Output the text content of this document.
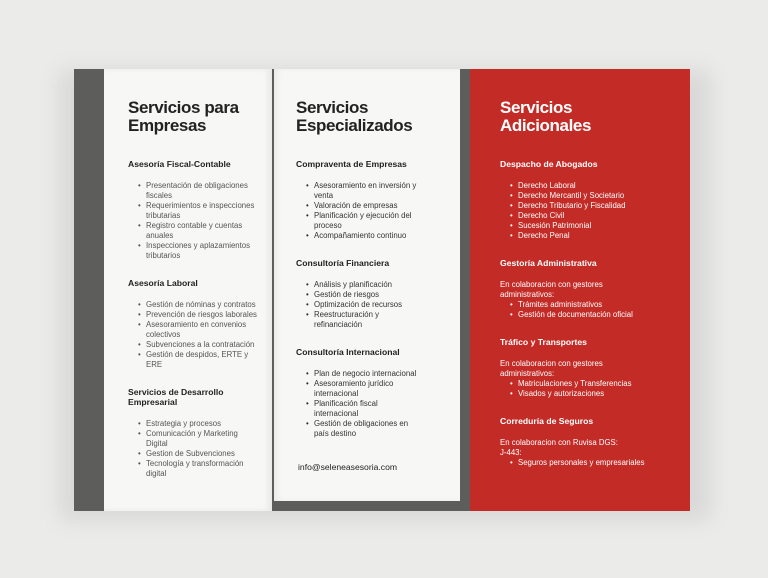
Servicios para Empresas
Asesoría Fiscal-Contable
• Presentación de obligaciones fiscales
• Requerimientos e inspecciones tributarias
• Registro contable y cuentas anuales
• Inspecciones y aplazamientos tributarios
Asesoría Laboral
• Gestión de nóminas y contratos
• Prevención de riesgos laborales
• Asesoramiento en convenios colectivos
• Subvenciones a la contratación
• Gestión de despidos, ERTE y ERE
Servicios de Desarrollo Empresarial
• Estrategia y procesos
• Comunicación y Marketing Digital
• Gestion de Subvenciones
• Tecnología y transformación digital
Servicios Especializados
Compraventa de Empresas
• Asesoramiento en inversión y venta
• Valoración de empresas
• Planificación y ejecución del proceso
• Acompañamiento continuo
Consultoría Financiera
• Análisis y planificación
• Gestión de riesgos
• Optimización de recursos
• Reestructuración y refinanciación
Consultoría Internacional
• Plan de negocio internacional
• Asesoramiento jurídico internacional
• Planificación fiscal internacional
• Gestión de obligaciones en país destino
info@seleneasesoria.com
Servicios Adicionales
Despacho de Abogados
• Derecho Laboral
• Derecho Mercantil y Societario
• Derecho Tributario y Fiscalidad
• Derecho Civil
• Sucesión Patrimonial
• Derecho Penal
Gestoría Administrativa

En colaboracion con gestores administrativos:

• Trámites administrativos
• Gestión de documentación oficial
Tráfico y Transportes

En colaboracion con gestores administrativos:

• Matriculaciones y Transferencias
• Visados y autorizaciones
Correduría de Seguros

En colaboracion con Ruvisa DGS: J-443:

• Seguros personales y empresariales
